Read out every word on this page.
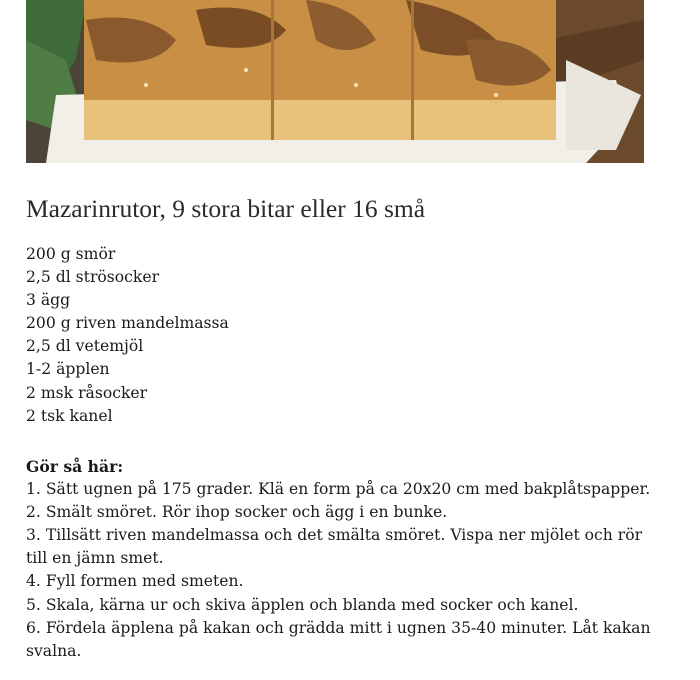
Mazarinrutor, 9 stora bitar eller 16 små
200 g smör
2,5 dl strösocker
3 ägg
200 g riven mandelmassa
2,5 dl vetemjöl
1-2 äpplen
2 msk råsocker
2 tsk kanel

Gör så här:

1. Sätt ugnen på 175 grader. Klä en form på ca 20x20 cm med bakplåtspapper.
2. Smält smöret. Rör ihop socker och ägg i en bunke.
3. Tillsätt riven mandelmassa och det smälta smöret. Vispa ner mjölet och rör till en jämn smet.
4. Fyll formen med smeten.
5. Skala, kärna ur och skiva äpplen och blanda med socker och kanel.
6. Fördela äpplena på kakan och grädda mitt i ugnen 35-40 minuter. Låt kakan svalna.
